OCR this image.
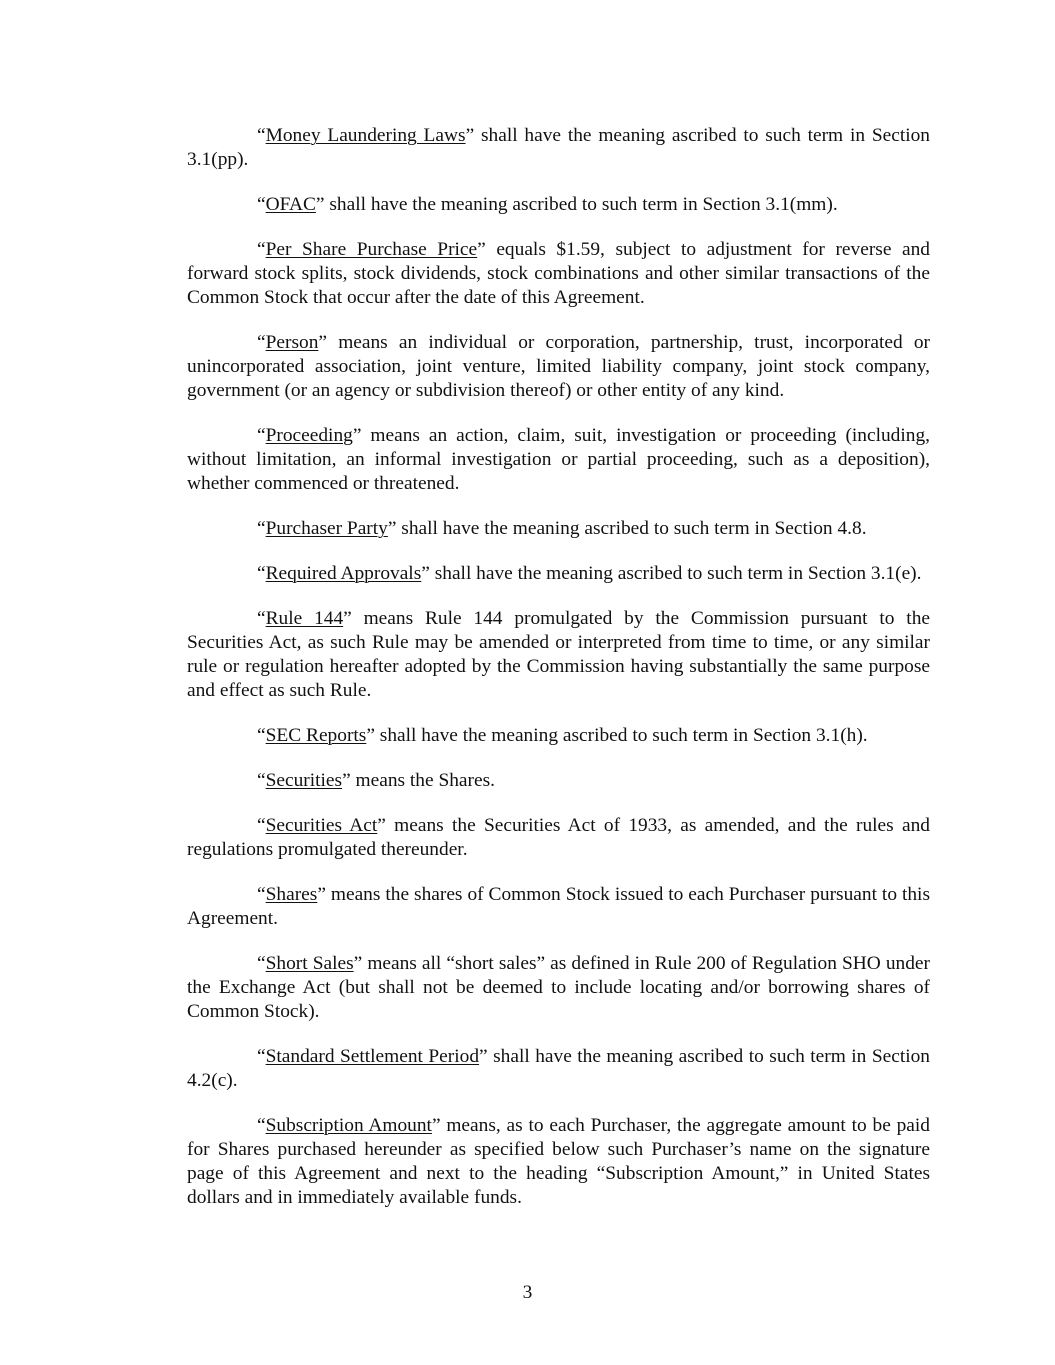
“Money Laundering Laws” shall have the meaning ascribed to such term in Section 3.1(pp).

“OFAC” shall have the meaning ascribed to such term in Section 3.1(mm).

“Per Share Purchase Price” equals $1.59, subject to adjustment for reverse and forward stock splits, stock dividends, stock combinations and other similar transactions of the Common Stock that occur after the date of this Agreement.

“Person” means an individual or corporation, partnership, trust, incorporated or unincorporated association, joint venture, limited liability company, joint stock company, government (or an agency or subdivision thereof) or other entity of any kind.

“Proceeding” means an action, claim, suit, investigation or proceeding (including, without limitation, an informal investigation or partial proceeding, such as a deposition), whether commenced or threatened.

“Purchaser Party” shall have the meaning ascribed to such term in Section 4.8.

“Required Approvals” shall have the meaning ascribed to such term in Section 3.1(e).

“Rule 144” means Rule 144 promulgated by the Commission pursuant to the Securities Act, as such Rule may be amended or interpreted from time to time, or any similar rule or regulation hereafter adopted by the Commission having substantially the same purpose and effect as such Rule.

“SEC Reports” shall have the meaning ascribed to such term in Section 3.1(h).

“Securities” means the Shares.

“Securities Act” means the Securities Act of 1933, as amended, and the rules and regulations promulgated thereunder.

“Shares” means the shares of Common Stock issued to each Purchaser pursuant to this Agreement.

“Short Sales” means all “short sales” as defined in Rule 200 of Regulation SHO under the Exchange Act (but shall not be deemed to include locating and/or borrowing shares of Common Stock).

“Standard Settlement Period” shall have the meaning ascribed to such term in Section 4.2(c).

“Subscription Amount” means, as to each Purchaser, the aggregate amount to be paid for Shares purchased hereunder as specified below such Purchaser’s name on the signature page of this Agreement and next to the heading “Subscription Amount,” in United States dollars and in immediately available funds.

3
